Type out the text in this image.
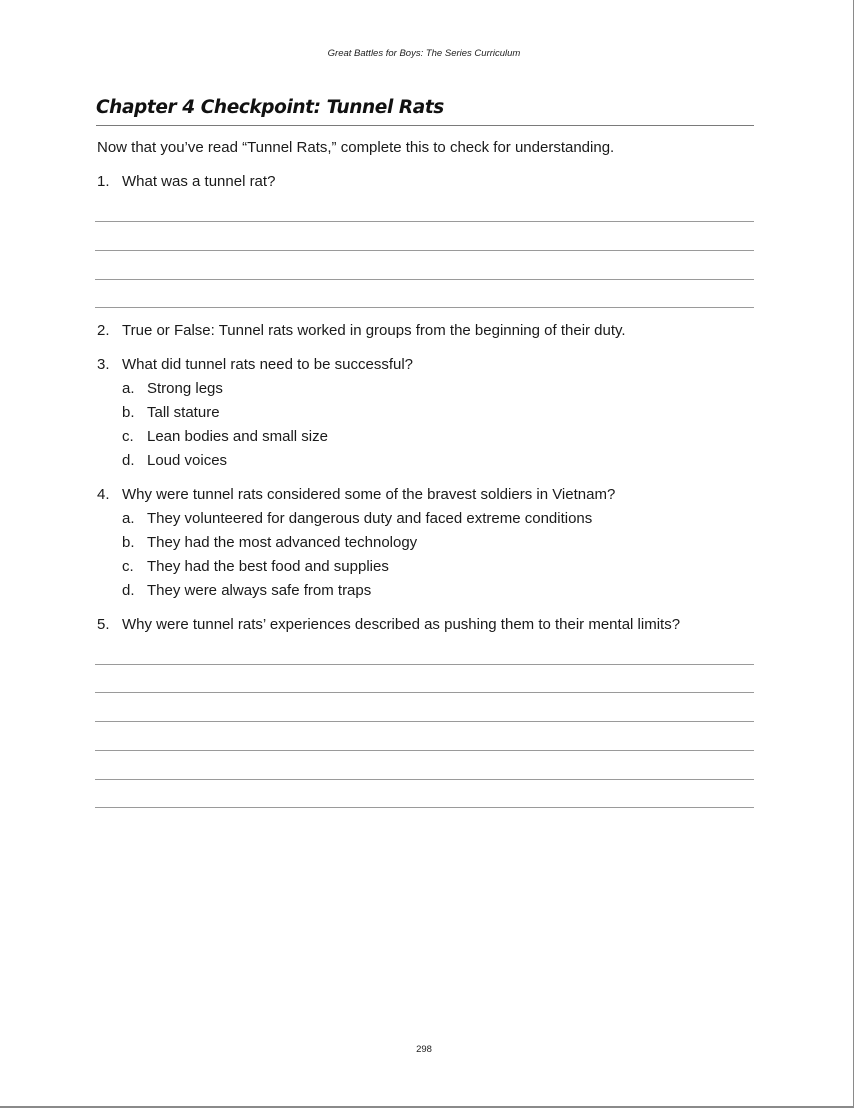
Great Battles for Boys: The Series Curriculum
Chapter 4 Checkpoint: Tunnel Rats
Now that you’ve read “Tunnel Rats,” complete this to check for understanding.
1. What was a tunnel rat?
2. True or False: Tunnel rats worked in groups from the beginning of their duty.
3. What did tunnel rats need to be successful?
a. Strong legs
b. Tall stature
c. Lean bodies and small size
d. Loud voices
4. Why were tunnel rats considered some of the bravest soldiers in Vietnam?
a. They volunteered for dangerous duty and faced extreme conditions
b. They had the most advanced technology
c. They had the best food and supplies
d. They were always safe from traps
5. Why were tunnel rats’ experiences described as pushing them to their mental limits?
298
